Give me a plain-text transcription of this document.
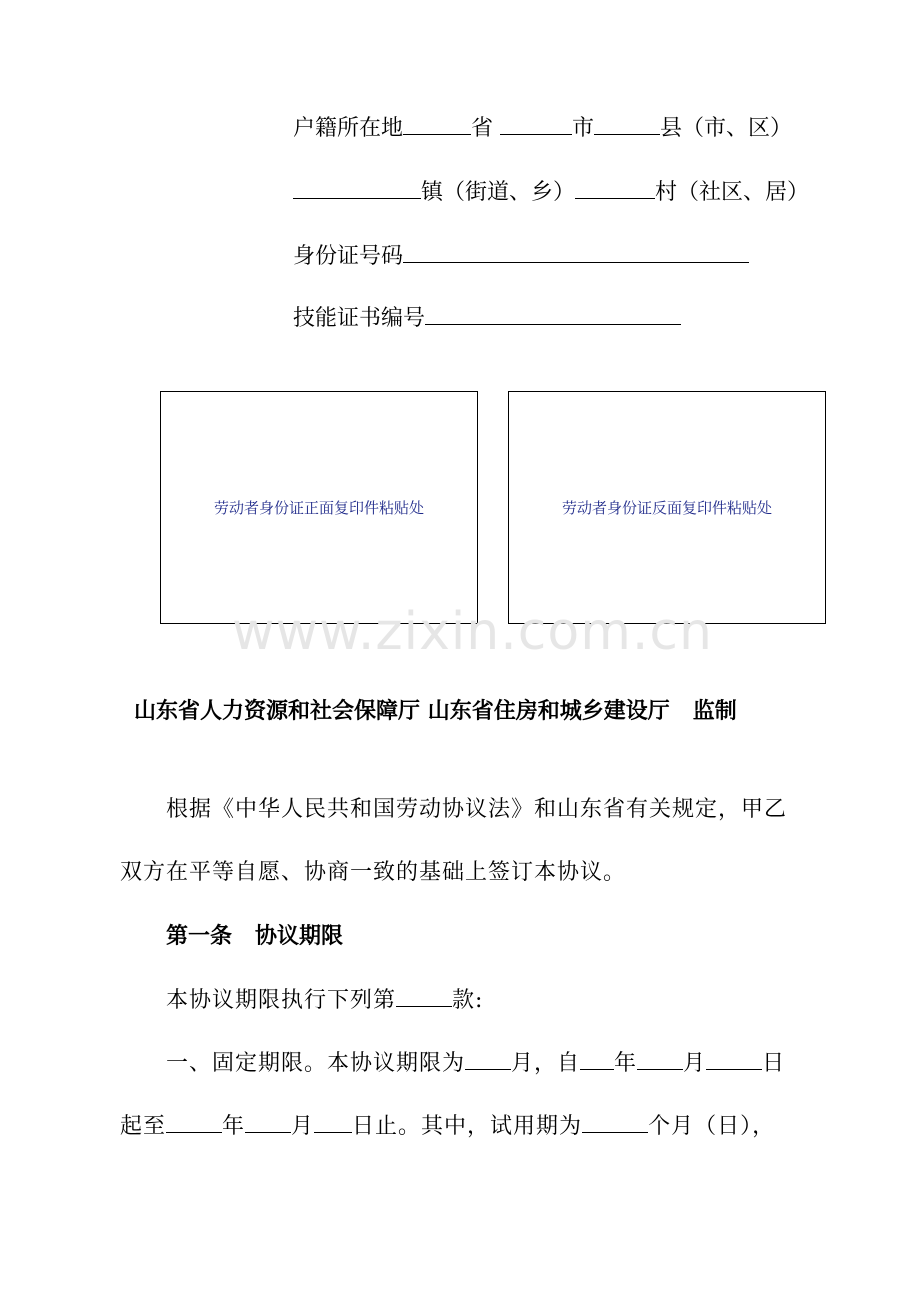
户籍所在地	省	市	县（市、区）
镇（街道、乡）	村（社区、居）
身份证号码
技能证书编号
劳动者身份证正面复印件粘贴处	劳动者身份证反面复印件粘贴处
www.zixin.com.cn
山东省人力资源和社会保障厅 山东省住房和城乡建设厅 监制
根据《中华人民共和国劳动协议法》和山东省有关规定，甲乙
双方在平等自愿、协商一致的基础上签订本协议。
第一条 协议期限
本协议期限执行下列第	款:
一、固定期限。本协议期限为 月，自 年 月	日
起至	年 月 日止。其中，试用期为	个月（日），
